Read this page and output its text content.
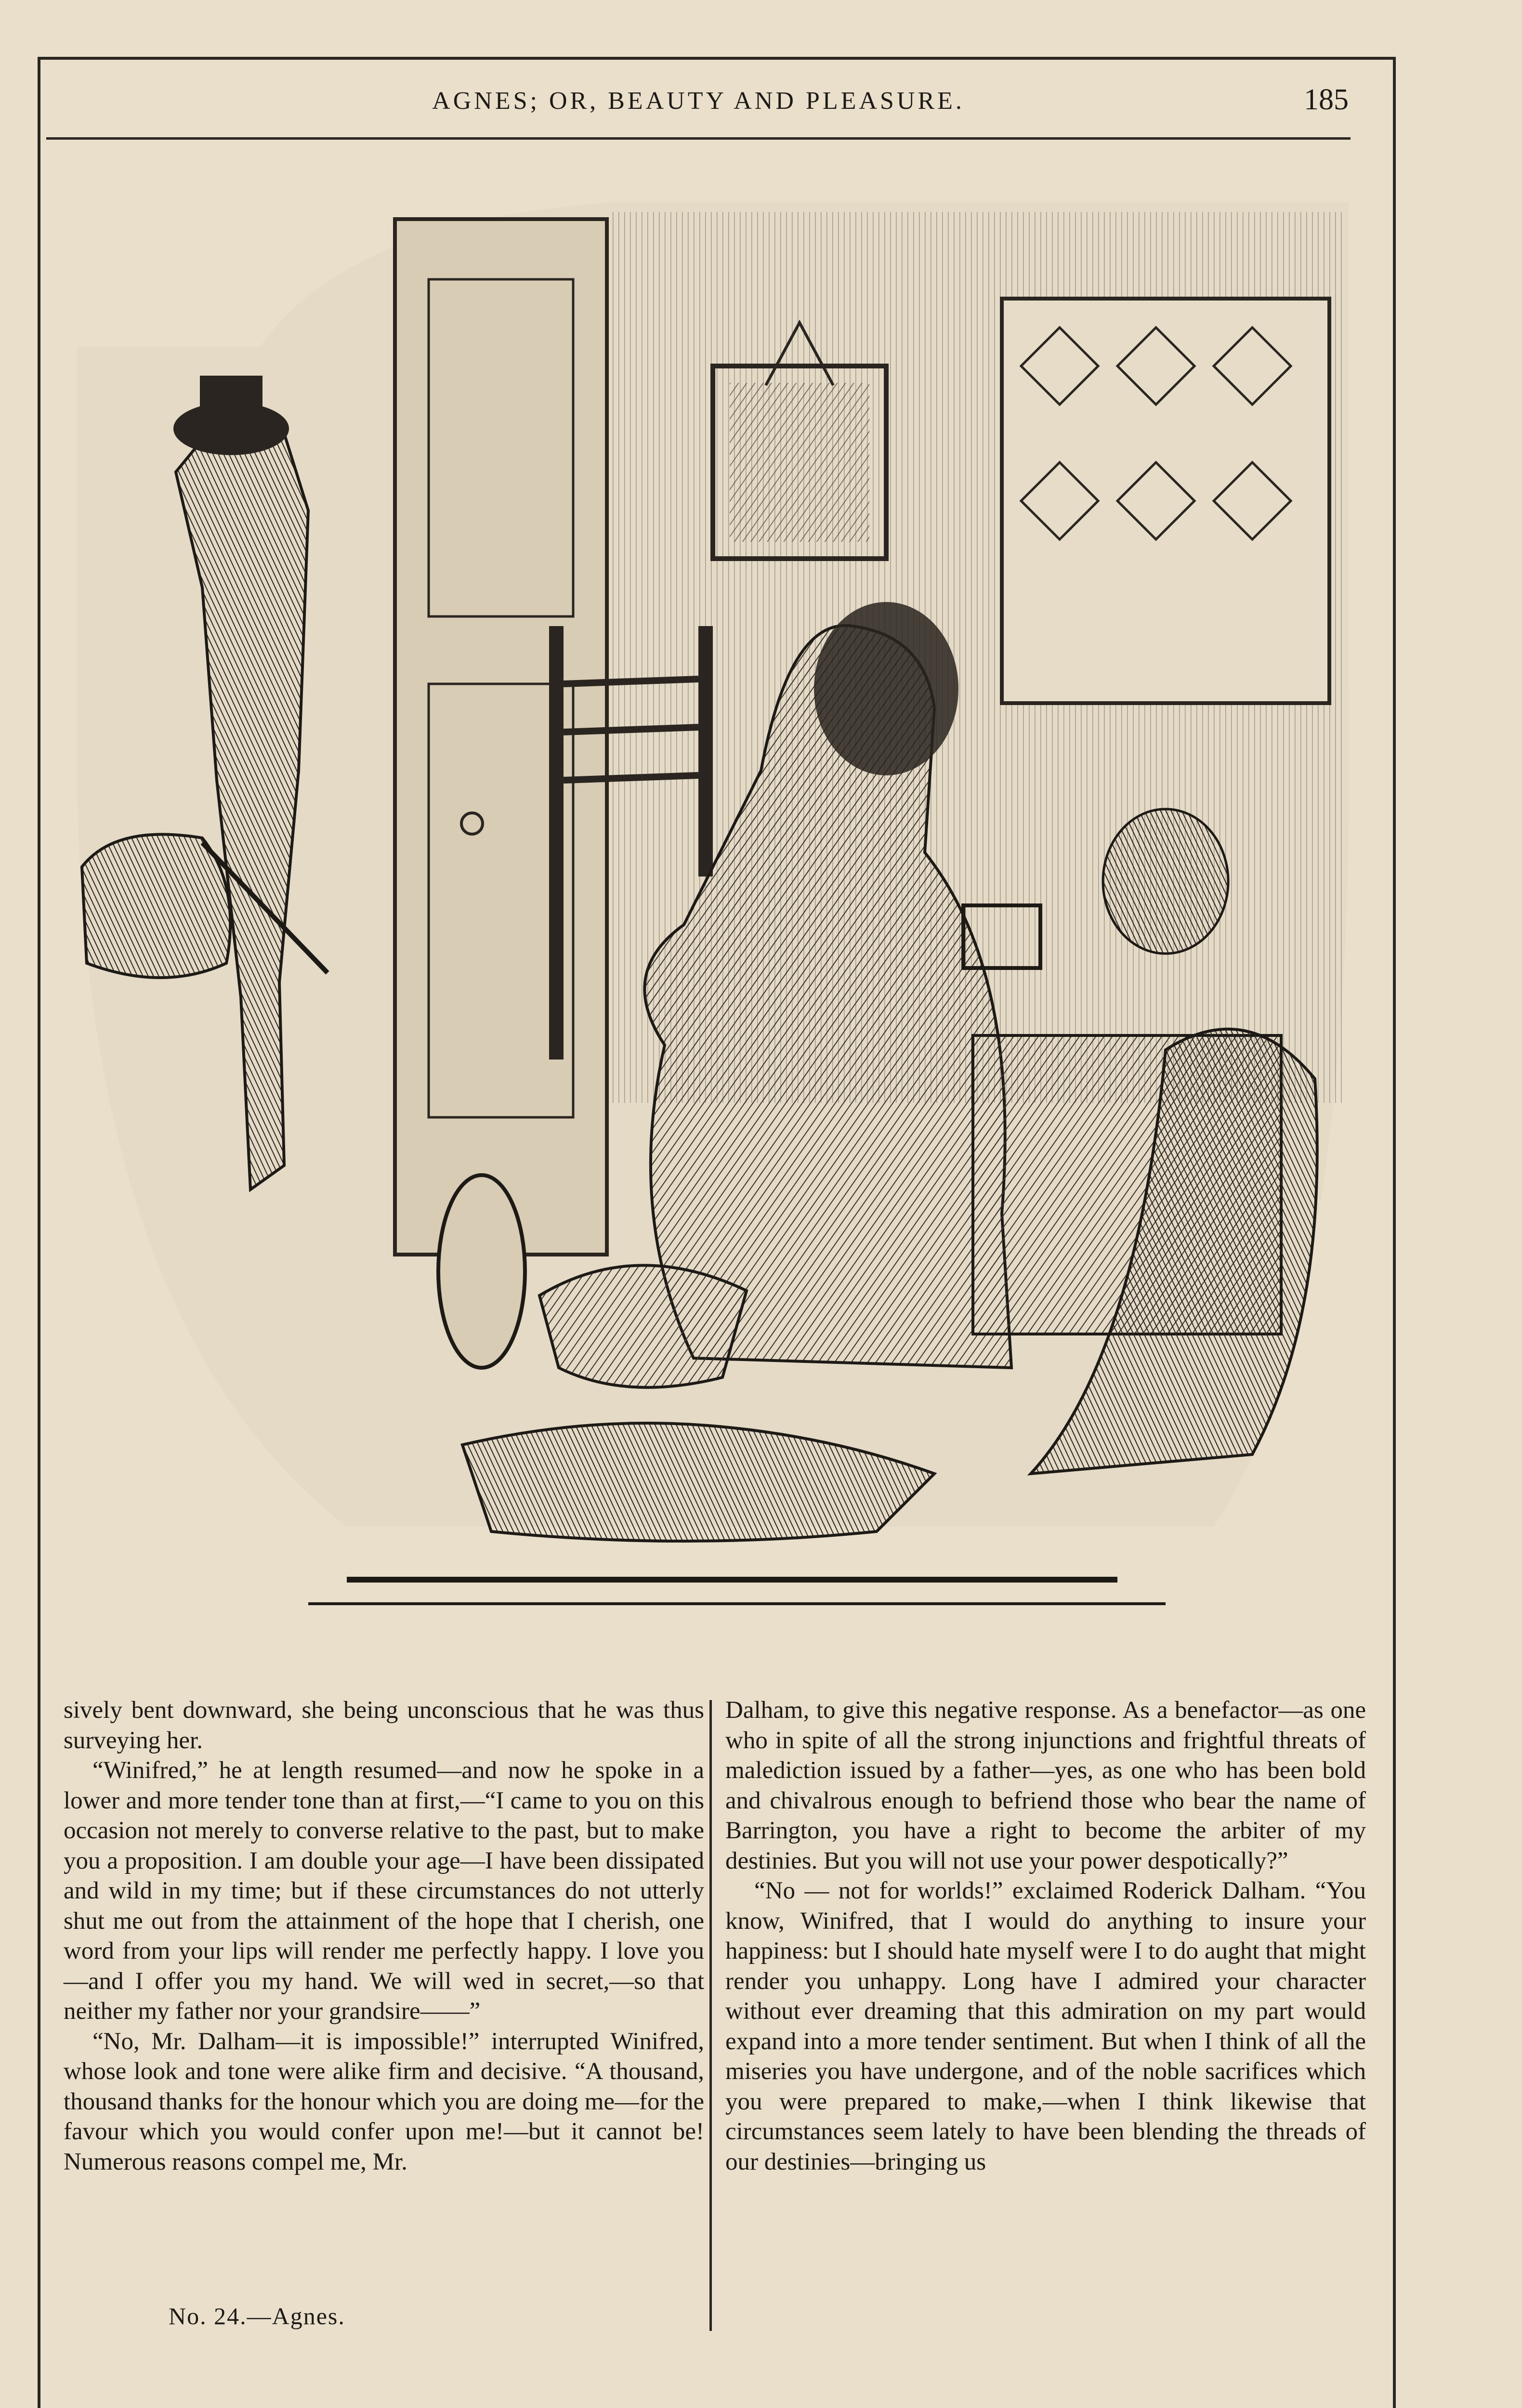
AGNES; OR, BEAUTY AND PLEASURE.	185

sively bent downward, she being unconscious that he was thus surveying her.

“Winifred,” he at length resumed—and now he spoke in a lower and more tender tone than at first,—“I came to you on this occasion not merely to converse relative to the past, but to make you a proposition. I am double your age—I have been dissipated and wild in my time; but if these circumstances do not utterly shut me out from the attainment of the hope that I cherish, one word from your lips will render me perfectly happy. I love you—and I offer you my hand. We will wed in secret,—so that neither my father nor your grandsire——”

“No, Mr. Dalham—it is impossible!” interrupted Winifred, whose look and tone were alike firm and decisive. “A thousand, thousand thanks for the honour which you are doing me—for the favour which you would confer upon me!—but it cannot be! Numerous reasons compel me, Mr.

Dalham, to give this negative response. As a benefactor—as one who in spite of all the strong injunctions and frightful threats of malediction issued by a father—yes, as one who has been bold and chivalrous enough to befriend those who bear the name of Barrington, you have a right to become the arbiter of my destinies. But you will not use your power despotically?”

“No — not for worlds!” exclaimed Roderick Dalham. “You know, Winifred, that I would do anything to insure your happiness: but I should hate myself were I to do aught that might render you unhappy. Long have I admired your character without ever dreaming that this admiration on my part would expand into a more tender sentiment. But when I think of all the miseries you have undergone, and of the noble sacrifices which you were prepared to make,—when I think likewise that circumstances seem lately to have been blending the threads of our destinies—bringing us

No. 24.—Agnes.
